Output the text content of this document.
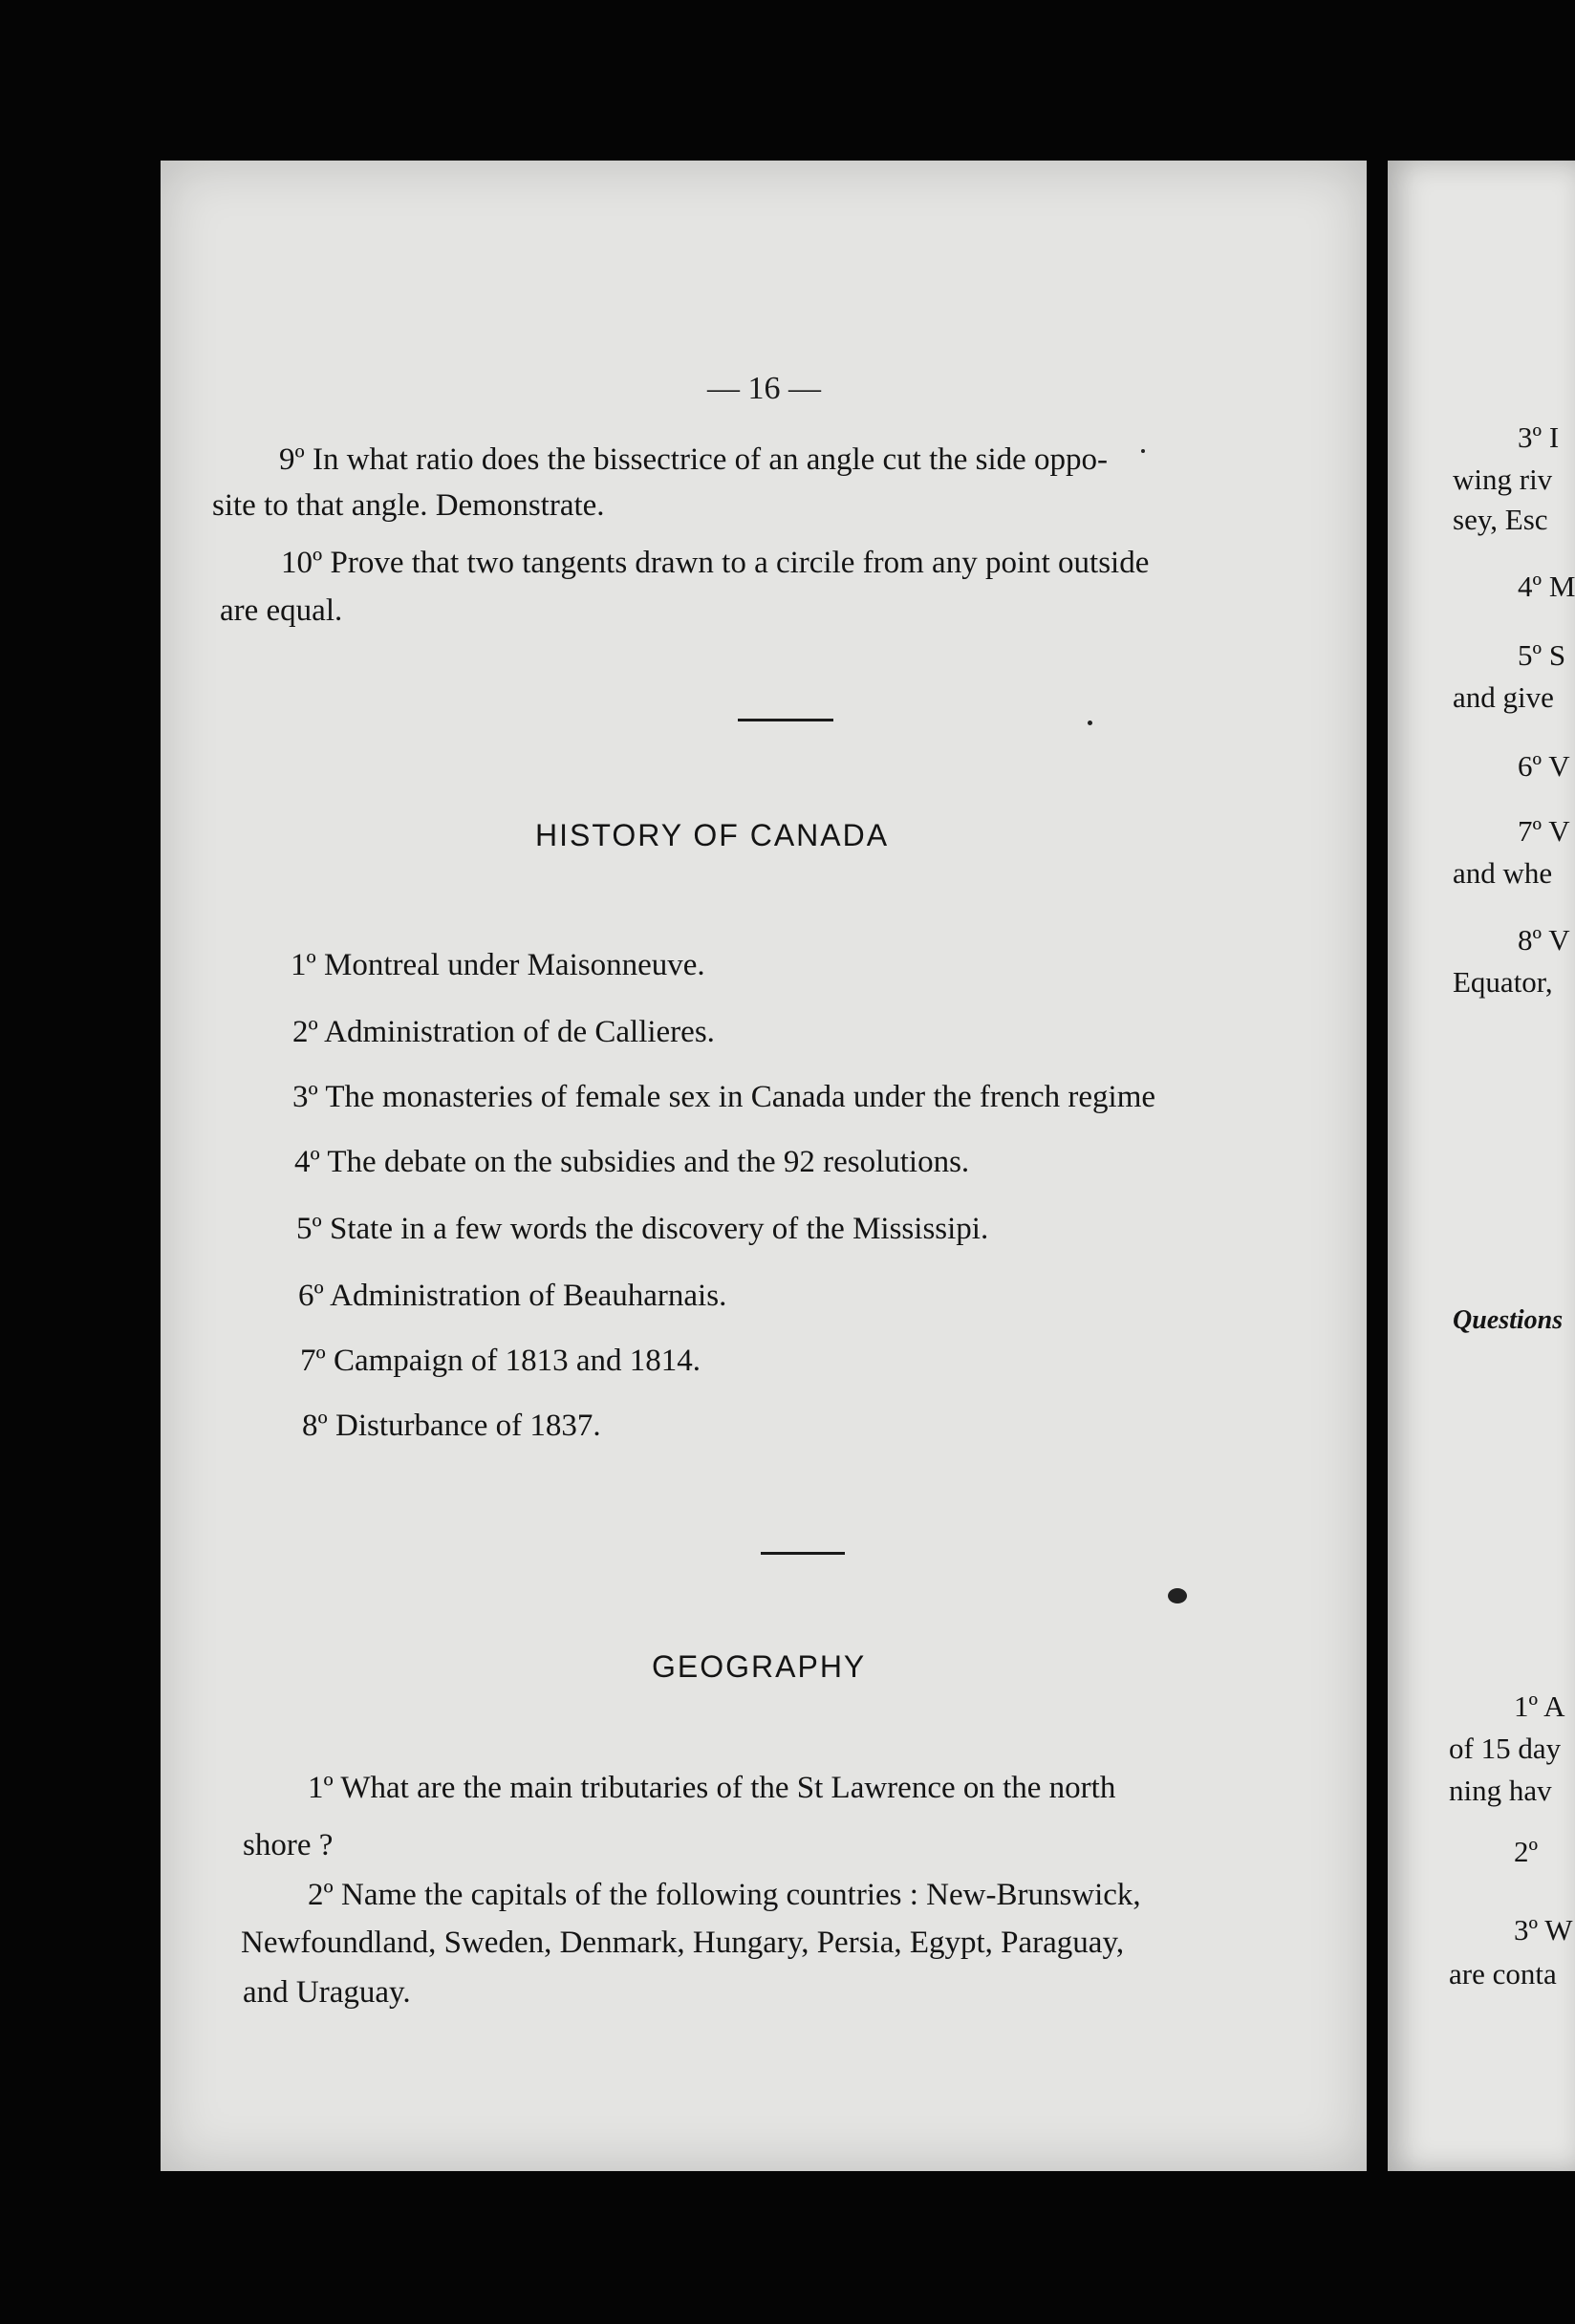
— 16 —
9º In what ratio does the bissectrice of an angle cut the side oppo-
site to that angle. Demonstrate.
10º Prove that two tangents drawn to a circile from any point outside
are equal.
HISTORY OF CANADA
1º Montreal under Maisonneuve.
2º Administration of de Callieres.
3º The monasteries of female sex in Canada under the french regime
4º The debate on the subsidies and the 92 resolutions.
5º State in a few words the discovery of the Mississipi.
6º Administration of Beauharnais.
7º Campaign of 1813 and 1814.
8º Disturbance of 1837.
GEOGRAPHY
1º What are the main tributaries of the St Lawrence on the north
shore ?
2º Name the capitals of the following countries : New-Brunswick,
Newfoundland, Sweden, Denmark, Hungary, Persia, Egypt, Paraguay,
and Uraguay.
3º I
wing riv
sey, Esc
4º M
5º S
and give
6º V
7º V
and whe
8º V
Equator,
Questions
1º A
of 15 day
ning hav
2º
3º W
are conta
